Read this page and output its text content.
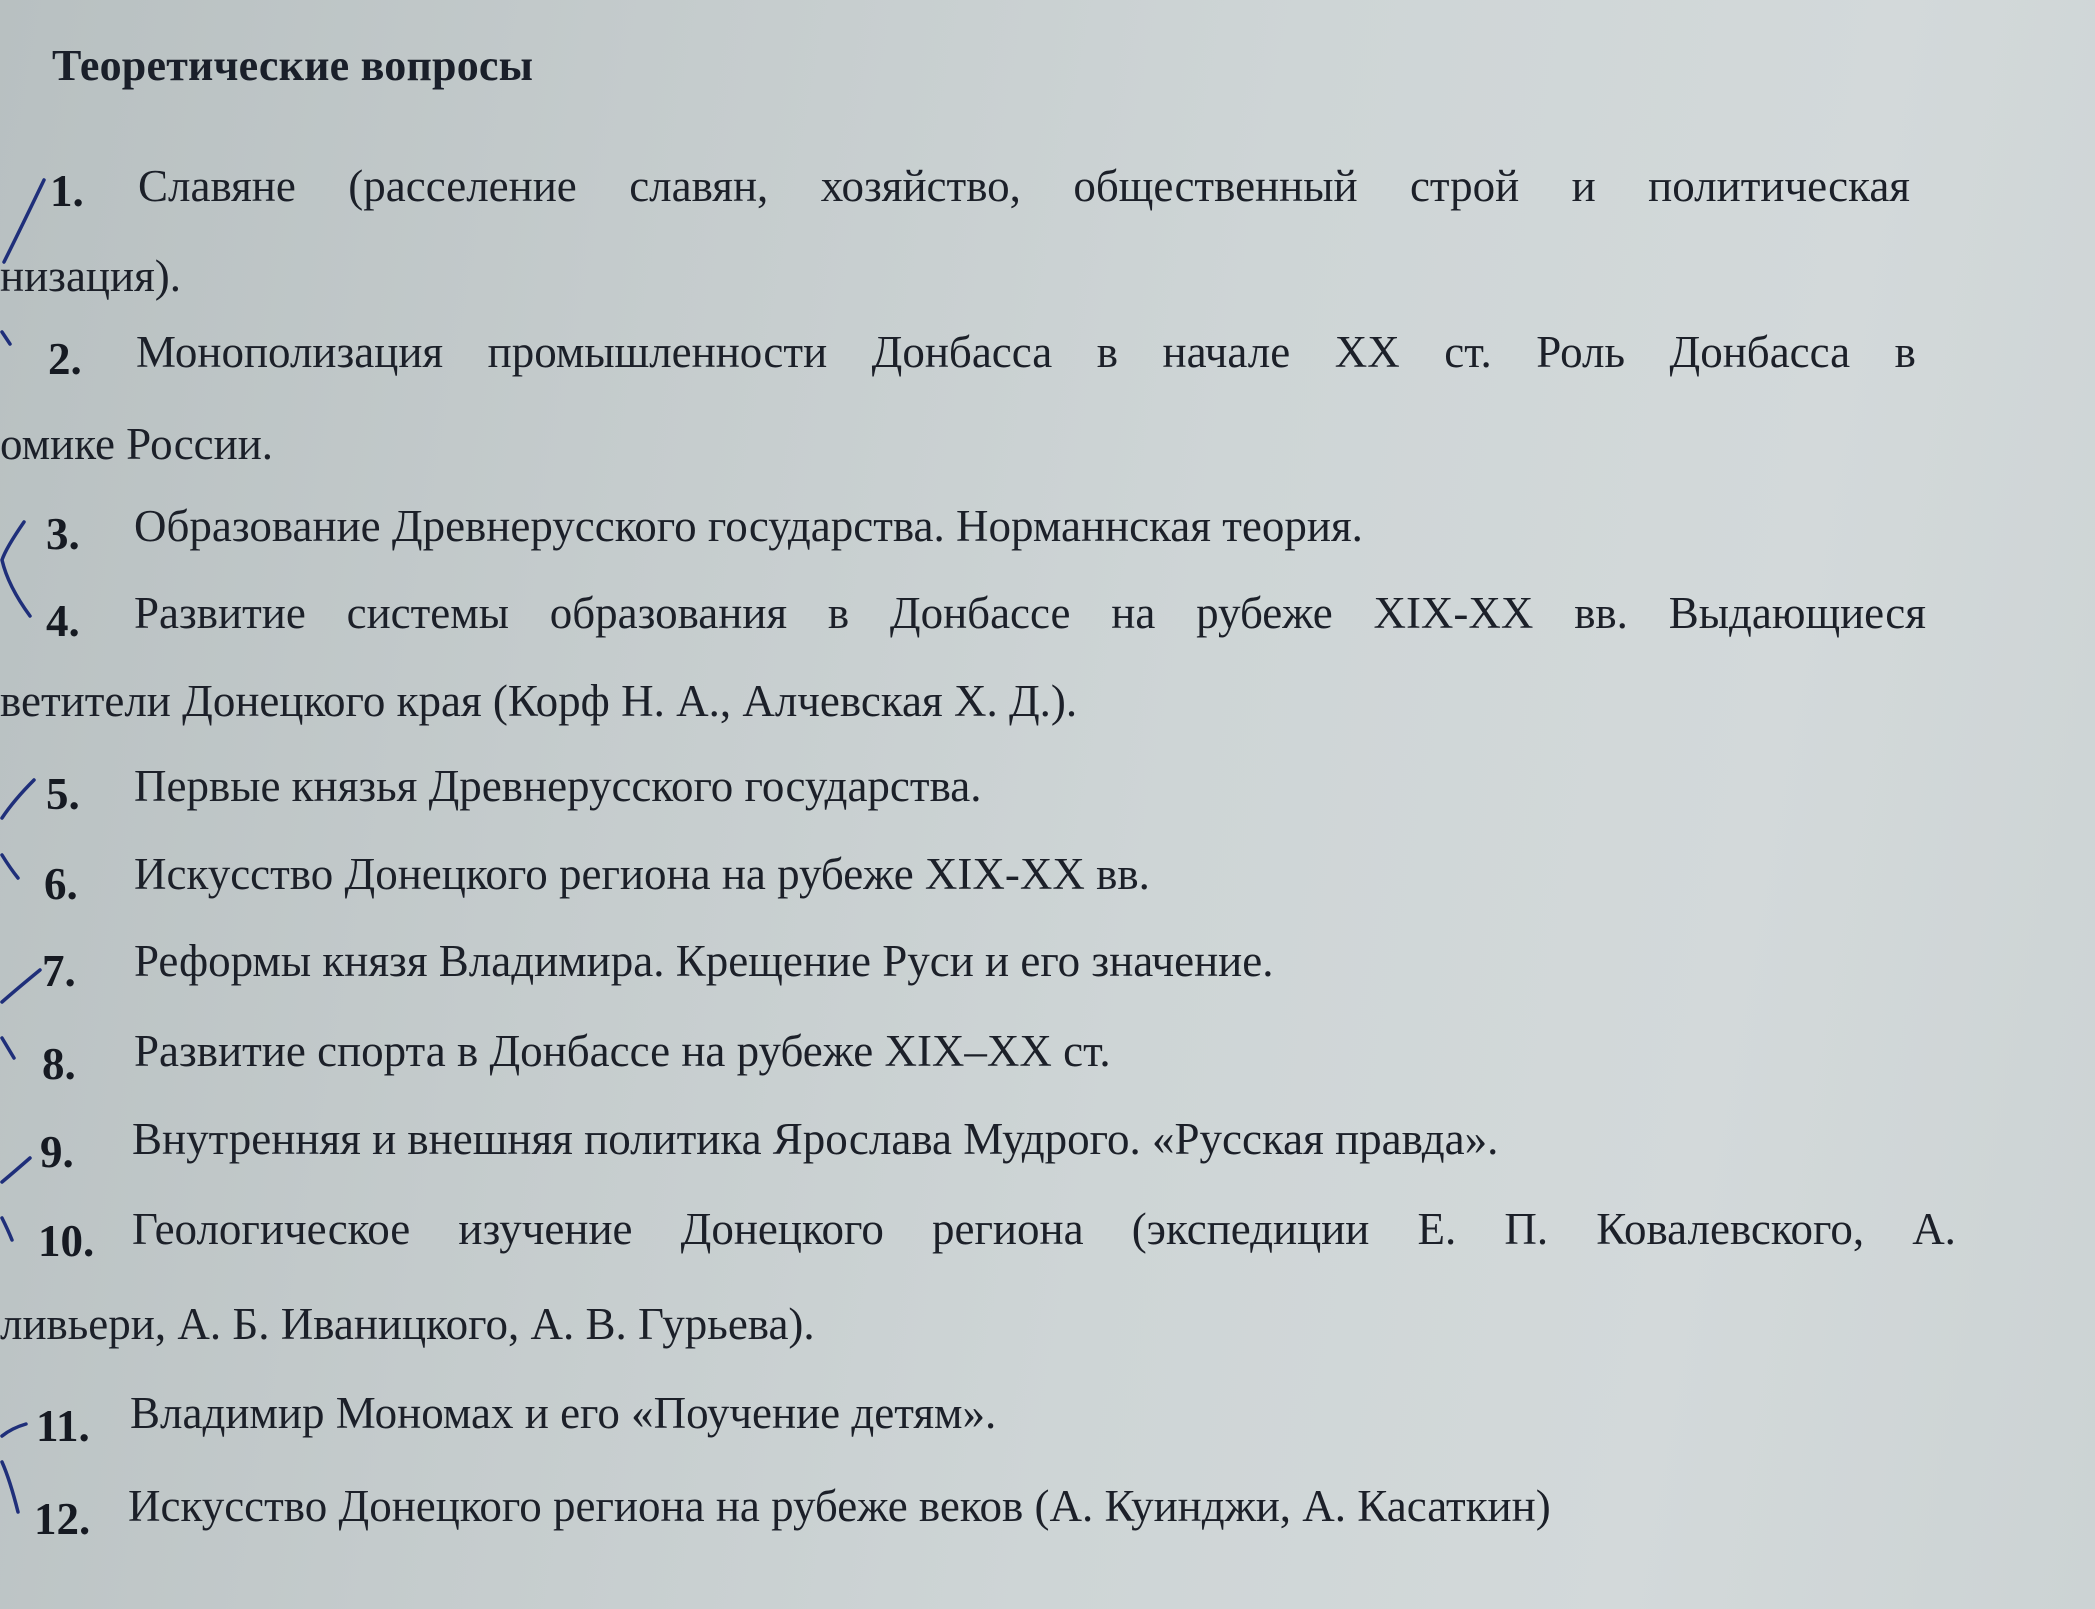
Теоретические вопросы
1. Славяне (расселение славян, хозяйство, общественный строй и политическая
низация).
2. Монополизация промышленности Донбасса в начале XX ст. Роль Донбасса в
омике России.
3. Образование Древнерусского государства. Норманнская теория.
4. Развитие системы образования в Донбассе на рубеже XIX-XX вв. Выдающиеся
ветители Донецкого края (Корф Н. А., Алчевская Х. Д.).
5. Первые князья Древнерусского государства.
6. Искусство Донецкого региона на рубеже XIX-XX вв.
7. Реформы князя Владимира. Крещение Руси и его значение.
8. Развитие спорта в Донбассе на рубеже XIX–XX ст.
9. Внутренняя и внешняя политика Ярослава Мудрого. «Русская правда».
10. Геологическое изучение Донецкого региона (экспедиции Е. П. Ковалевского, А.
ливьери, А. Б. Иваницкого, А. В. Гурьева).
11. Владимир Мономах и его «Поучение детям».
12. Искусство Донецкого региона на рубеже веков (А. Куинджи, А. Касаткин)
